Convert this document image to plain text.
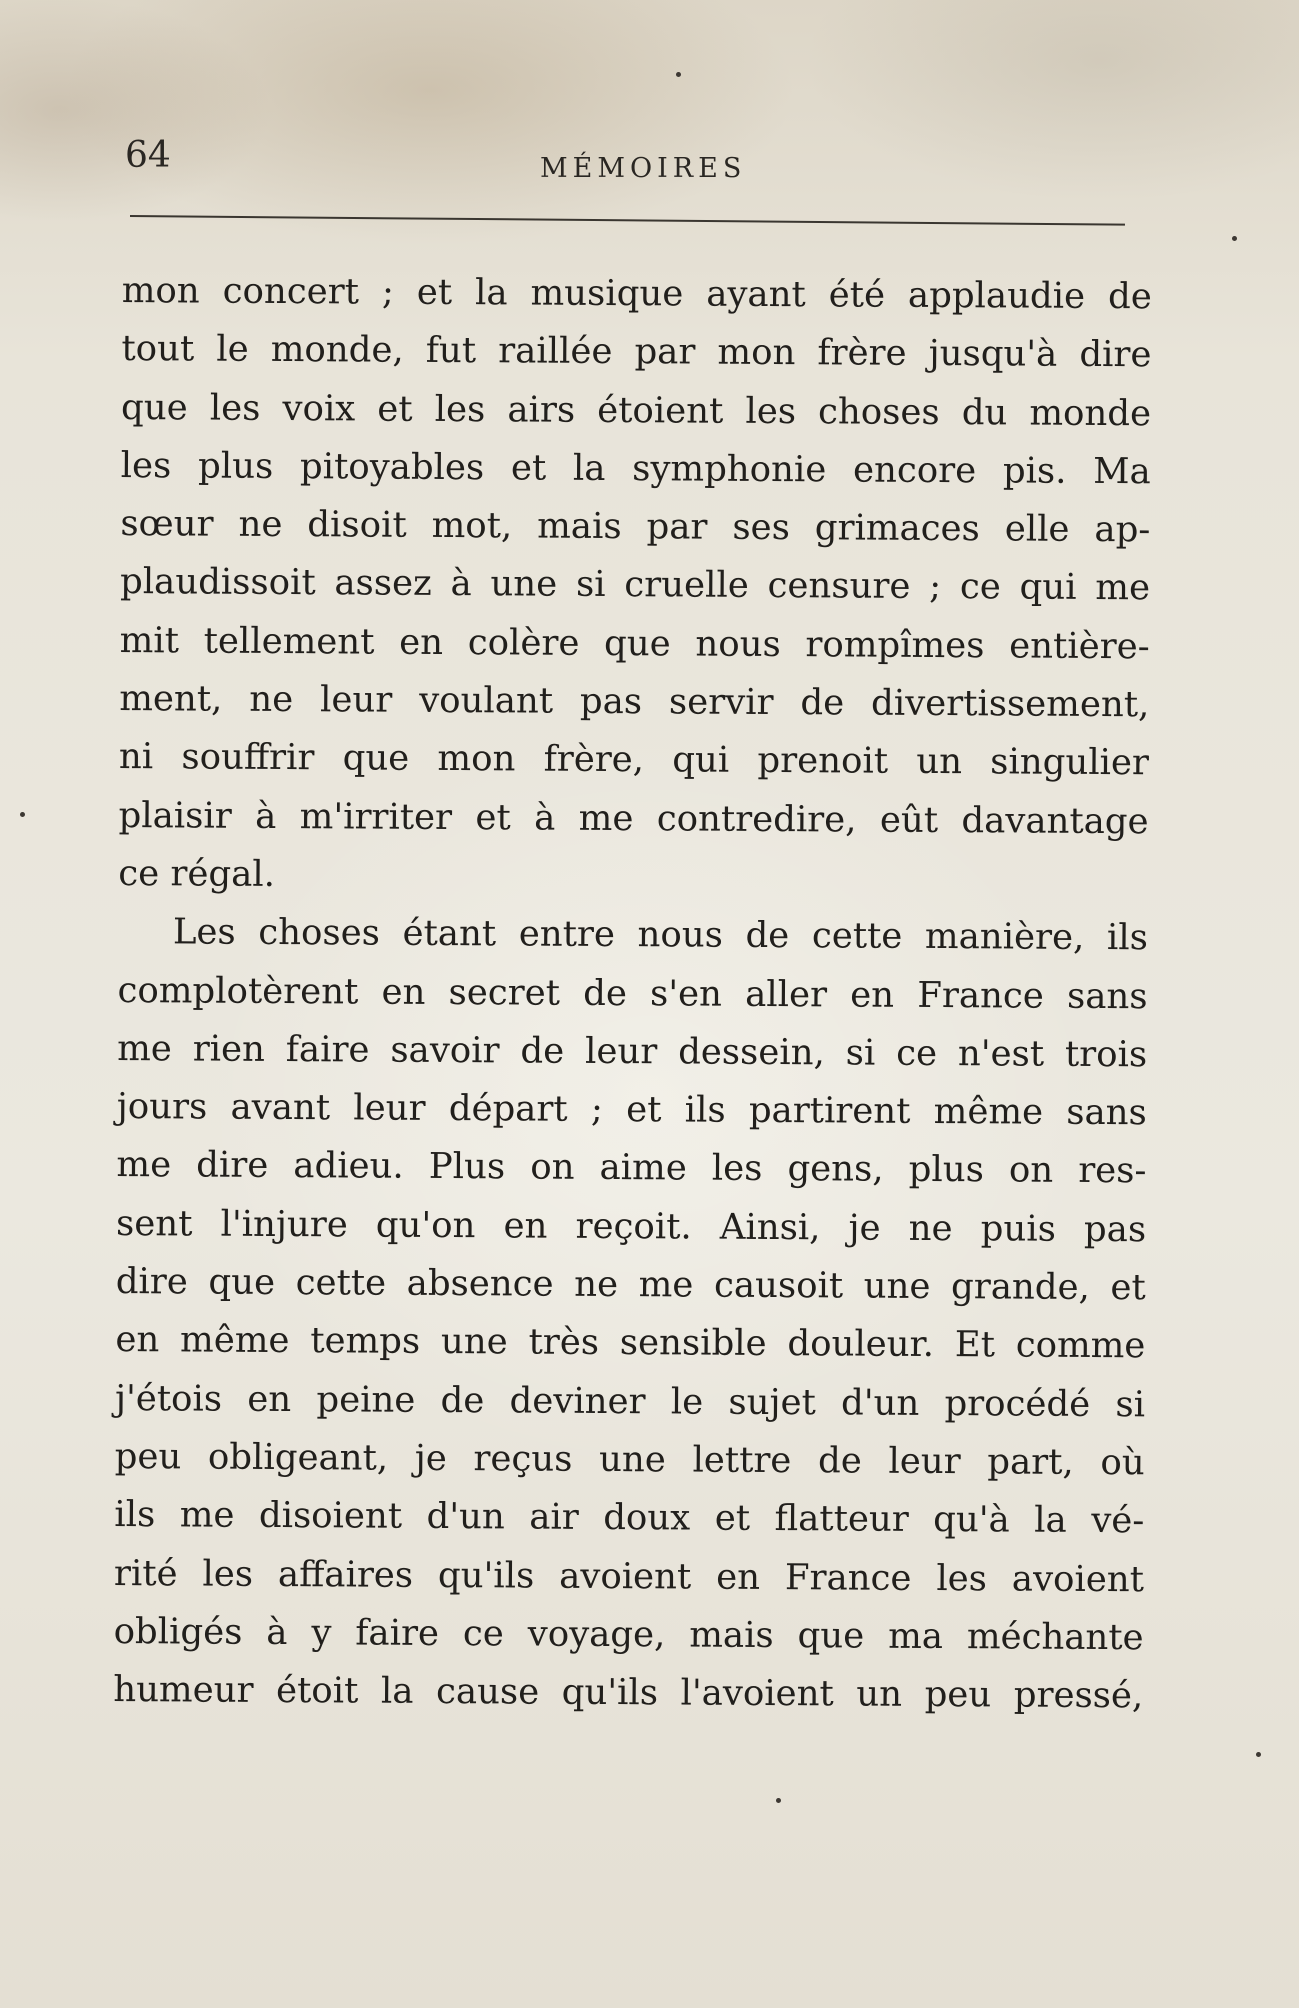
64	MÉMOIRES
mon concert ; et la musique ayant été applaudie de
tout le monde, fut raillée par mon frère jusqu'à dire
que les voix et les airs étoient les choses du monde
les plus pitoyables et la symphonie encore pis. Ma
sœur ne disoit mot, mais par ses grimaces elle ap-
plaudissoit assez à une si cruelle censure ; ce qui me
mit tellement en colère que nous rompîmes entière-
ment, ne leur voulant pas servir de divertissement,
ni souffrir que mon frère, qui prenoit un singulier
plaisir à m'irriter et à me contredire, eût davantage
ce régal.
Les choses étant entre nous de cette manière, ils
complotèrent en secret de s'en aller en France sans
me rien faire savoir de leur dessein, si ce n'est trois
jours avant leur départ ; et ils partirent même sans
me dire adieu. Plus on aime les gens, plus on res-
sent l'injure qu'on en reçoit. Ainsi, je ne puis pas
dire que cette absence ne me causoit une grande, et
en même temps une très sensible douleur. Et comme
j'étois en peine de deviner le sujet d'un procédé si
peu obligeant, je reçus une lettre de leur part, où
ils me disoient d'un air doux et flatteur qu'à la vé-
rité les affaires qu'ils avoient en France les avoient
obligés à y faire ce voyage, mais que ma méchante
humeur étoit la cause qu'ils l'avoient un peu pressé,
